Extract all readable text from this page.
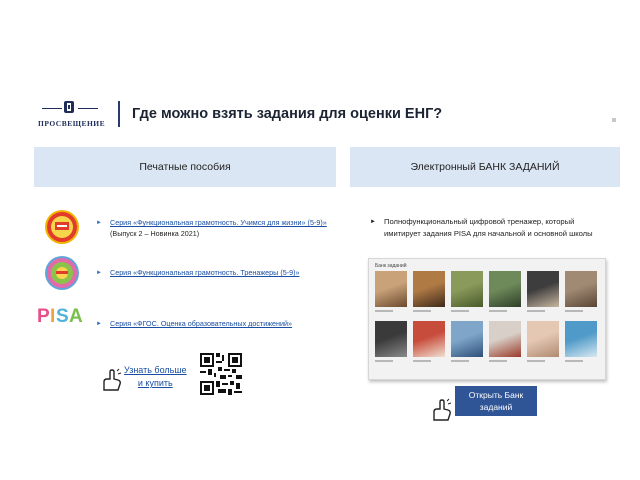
ПРОСВЕЩЕНИЕ
Где можно взять задания для оценки ЕНГ?
Печатные пособия	Электронный БАНК ЗАДАНИЙ
P I S A
►	Серия «Функциональная грамотность. Учимся для жизни» (5-9)» (Выпуск 2 – Новинка 2021)
►	Серия «Функциональная грамотность. Тренажеры (5-9)»
►	Серия «ФГОС. Оценка образовательных достижений»
Узнать больше
и купить
►	Полнофункциональный цифровой тренажер, который имитирует задания PISA для начальной и основной школы
Банк заданий
Открыть Банк
заданий
